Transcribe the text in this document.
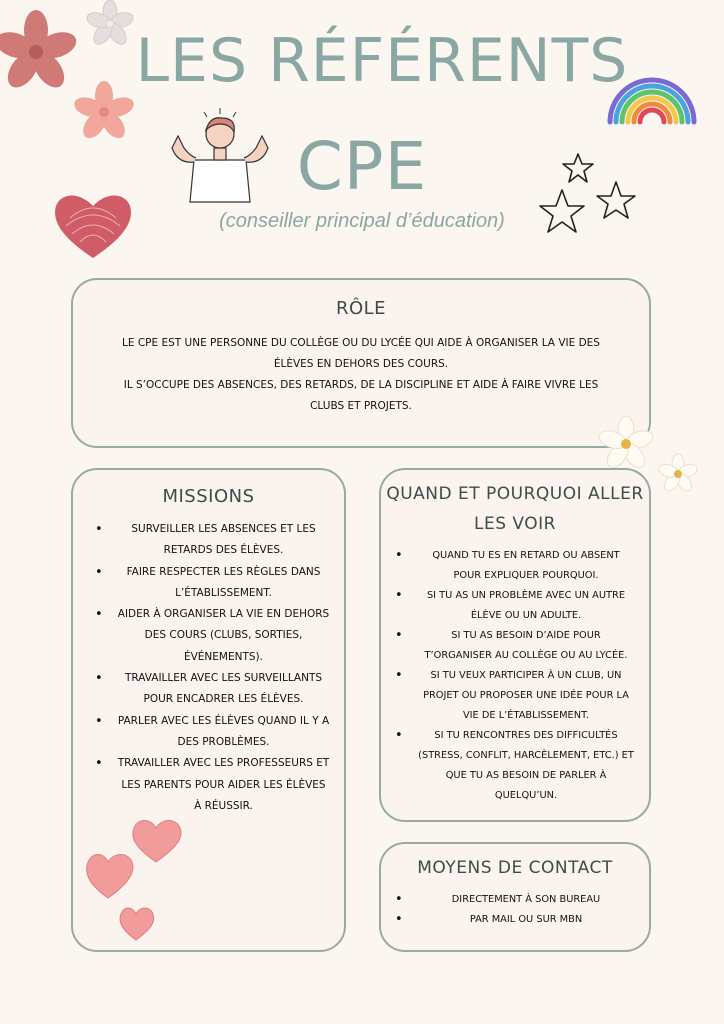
LES RÉFÉRENTS
CPE
(conseiller principal d’éducation)
RÔLE
LE CPE EST UNE PERSONNE DU COLLÈGE OU DU LYCÉE QUI AIDE À ORGANISER LA VIE DES
ÉLÈVES EN DEHORS DES COURS.
IL S’OCCUPE DES ABSENCES, DES RETARDS, DE LA DISCIPLINE ET AIDE À FAIRE VIVRE LES
CLUBS ET PROJETS.
MISSIONS
• SURVEILLER LES ABSENCES ET LES RETARDS DES ÉLÈVES.
• FAIRE RESPECTER LES RÈGLES DANS L’ÉTABLISSEMENT.
• AIDER À ORGANISER LA VIE EN DEHORS DES COURS (CLUBS, SORTIES, ÉVÉNEMENTS).
• TRAVAILLER AVEC LES SURVEILLANTS POUR ENCADRER LES ÉLÈVES.
• PARLER AVEC LES ÉLÈVES QUAND IL Y A DES PROBLÈMES.
• TRAVAILLER AVEC LES PROFESSEURS ET LES PARENTS POUR AIDER LES ÉLÈVES À RÉUSSIR.
QUAND ET POURQUOI ALLER
LES VOIR
• QUAND TU ES EN RETARD OU ABSENT POUR EXPLIQUER POURQUOI.
• SI TU AS UN PROBLÈME AVEC UN AUTRE ÉLÈVE OU UN ADULTE.
• SI TU AS BESOIN D’AIDE POUR T’ORGANISER AU COLLÈGE OU AU LYCÉE.
• SI TU VEUX PARTICIPER À UN CLUB, UN PROJET OU PROPOSER UNE IDÉE POUR LA VIE DE L’ÉTABLISSEMENT.
• SI TU RENCONTRES DES DIFFICULTÉS (STRESS, CONFLIT, HARCÈLEMENT, ETC.) ET QUE TU AS BESOIN DE PARLER À QUELQU’UN.
MOYENS DE CONTACT
• DIRECTEMENT À SON BUREAU
• PAR MAIL OU SUR MBN
